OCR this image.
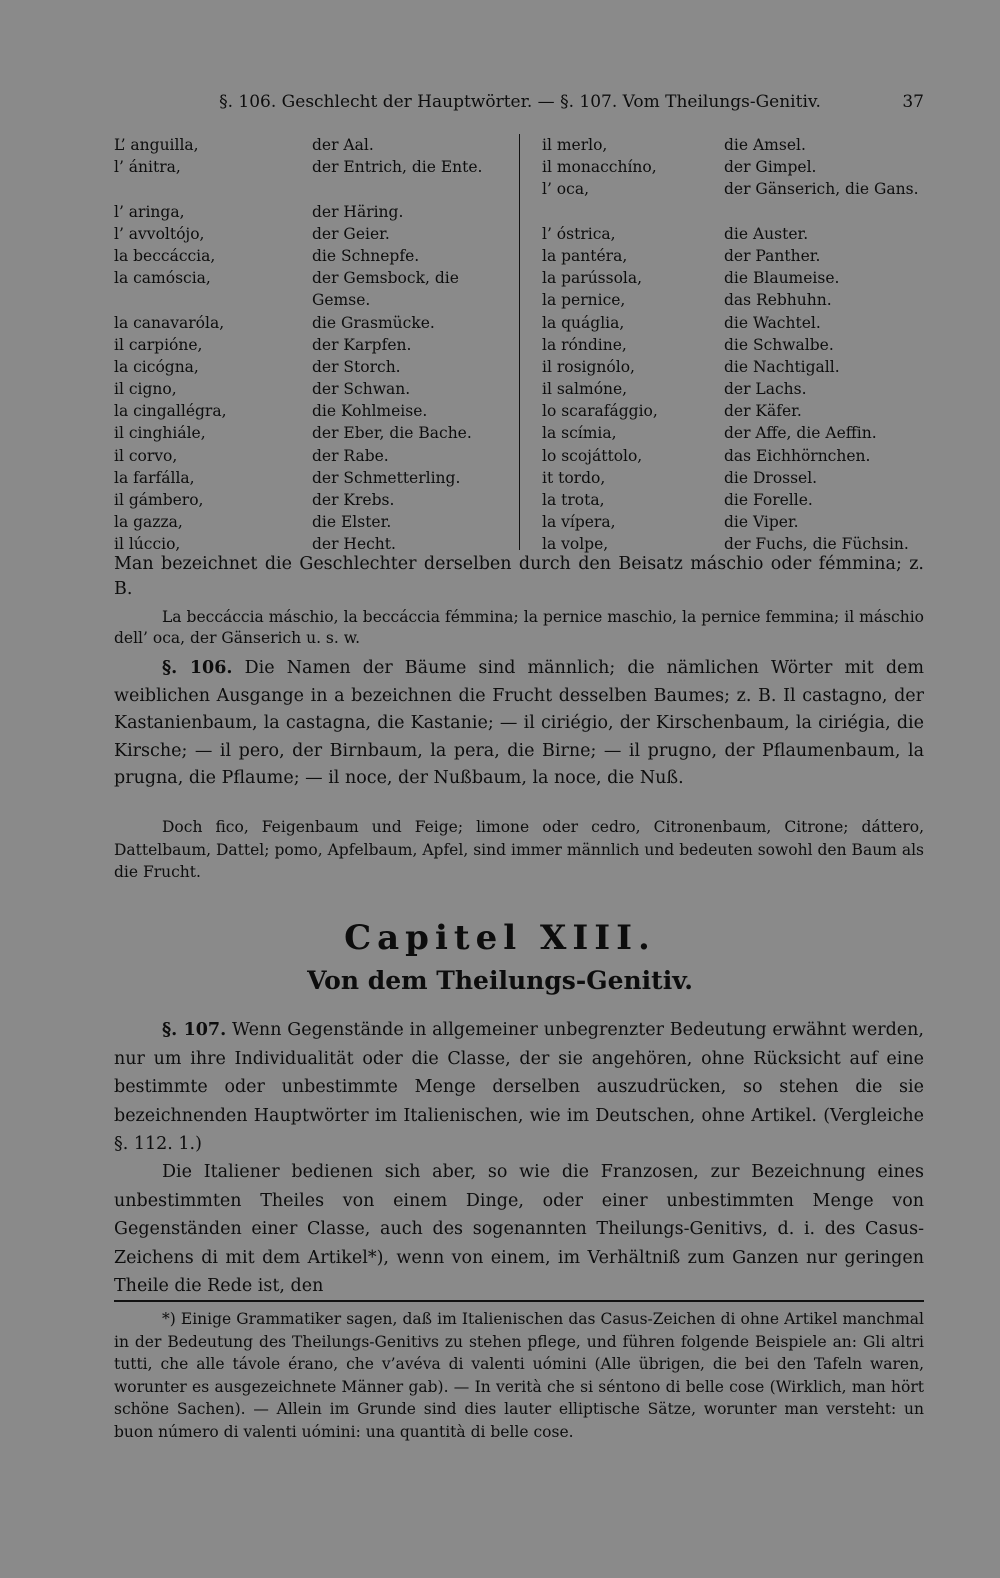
§. 106. Geschlecht der Hauptwörter. — §. 107. Vom Theilungs-Genitiv.	37
L’ anguilla,	der Aal.
l’ ánitra,	der Entrich, die Ente.
l’ aringa,	der Häring.
l’ avvoltójo,	der Geier.
la beccáccia,	die Schnepfe.
la camóscia,	der Gemsbock, die Gemse.
la canavaróla,	die Grasmücke.
il carpióne,	der Karpfen.
la cicógna,	der Storch.
il cigno,	der Schwan.
la cingallégra,	die Kohlmeise.
il cinghiále,	der Eber, die Bache.
il corvo,	der Rabe.
la farfálla,	der Schmetterling.
il gámbero,	der Krebs.
la gazza,	die Elster.
il lúccio,	der Hecht.
il merlo,	die Amsel.
il monacchíno,	der Gimpel.
l’ oca,	der Gänserich, die Gans.
l’ óstrica,	die Auster.
la pantéra,	der Panther.
la parússola,	die Blaumeise.
la pernice,	das Rebhuhn.
la quáglia,	die Wachtel.
la róndine,	die Schwalbe.
il rosignólo,	die Nachtigall.
il salmóne,	der Lachs.
lo scarafággio,	der Käfer.
la scímia,	der Affe, die Aeffin.
lo scojáttolo,	das Eichhörnchen.
it tordo,	die Drossel.
la trota,	die Forelle.
la vípera,	die Viper.
la volpe,	der Fuchs, die Füchsin.
Man bezeichnet die Geschlechter derselben durch den Beisatz máschio oder fémmina; z. B.
La beccáccia máschio, la beccáccia fémmina; la pernice maschio, la pernice femmina; il máschio dell’ oca, der Gänserich u. s. w.
§. 106. Die Namen der Bäume sind männlich; die nämlichen Wörter mit dem weiblichen Ausgange in a bezeichnen die Frucht desselben Baumes; z. B. Il castagno, der Kastanienbaum, la castagna, die Kastanie; — il ciriégio, der Kirschenbaum, la ciriégia, die Kirsche; — il pero, der Birnbaum, la pera, die Birne; — il prugno, der Pflaumenbaum, la prugna, die Pflaume; — il noce, der Nußbaum, la noce, die Nuß.
Doch fico, Feigenbaum und Feige; limone oder cedro, Citronenbaum, Citrone; dáttero, Dattelbaum, Dattel; pomo, Apfelbaum, Apfel, sind immer männlich und bedeuten sowohl den Baum als die Frucht.
Capitel XIII.
Von dem Theilungs-Genitiv.
§. 107. Wenn Gegenstände in allgemeiner unbegrenzter Bedeutung erwähnt werden, nur um ihre Individualität oder die Classe, der sie angehören, ohne Rücksicht auf eine bestimmte oder unbestimmte Menge derselben auszudrücken, so stehen die sie bezeichnenden Hauptwörter im Italienischen, wie im Deutschen, ohne Artikel. (Vergleiche §. 112. 1.)
Die Italiener bedienen sich aber, so wie die Franzosen, zur Bezeichnung eines unbestimmten Theiles von einem Dinge, oder einer unbestimmten Menge von Gegenständen einer Classe, auch des sogenannten Theilungs-Genitivs, d. i. des Casus-Zeichens di mit dem Artikel*), wenn von einem, im Verhältniß zum Ganzen nur geringen Theile die Rede ist, den
*) Einige Grammatiker sagen, daß im Italienischen das Casus-Zeichen di ohne Artikel manchmal in der Bedeutung des Theilungs-Genitivs zu stehen pflege, und führen folgende Beispiele an: Gli altri tutti, che alle távole érano, che v’avéva di valenti uómini (Alle übrigen, die bei den Tafeln waren, worunter es ausgezeichnete Männer gab). — In verità che si séntono di belle cose (Wirklich, man hört schöne Sachen). — Allein im Grunde sind dies lauter elliptische Sätze, worunter man versteht: un buon número di valenti uómini: una quantità di belle cose.
